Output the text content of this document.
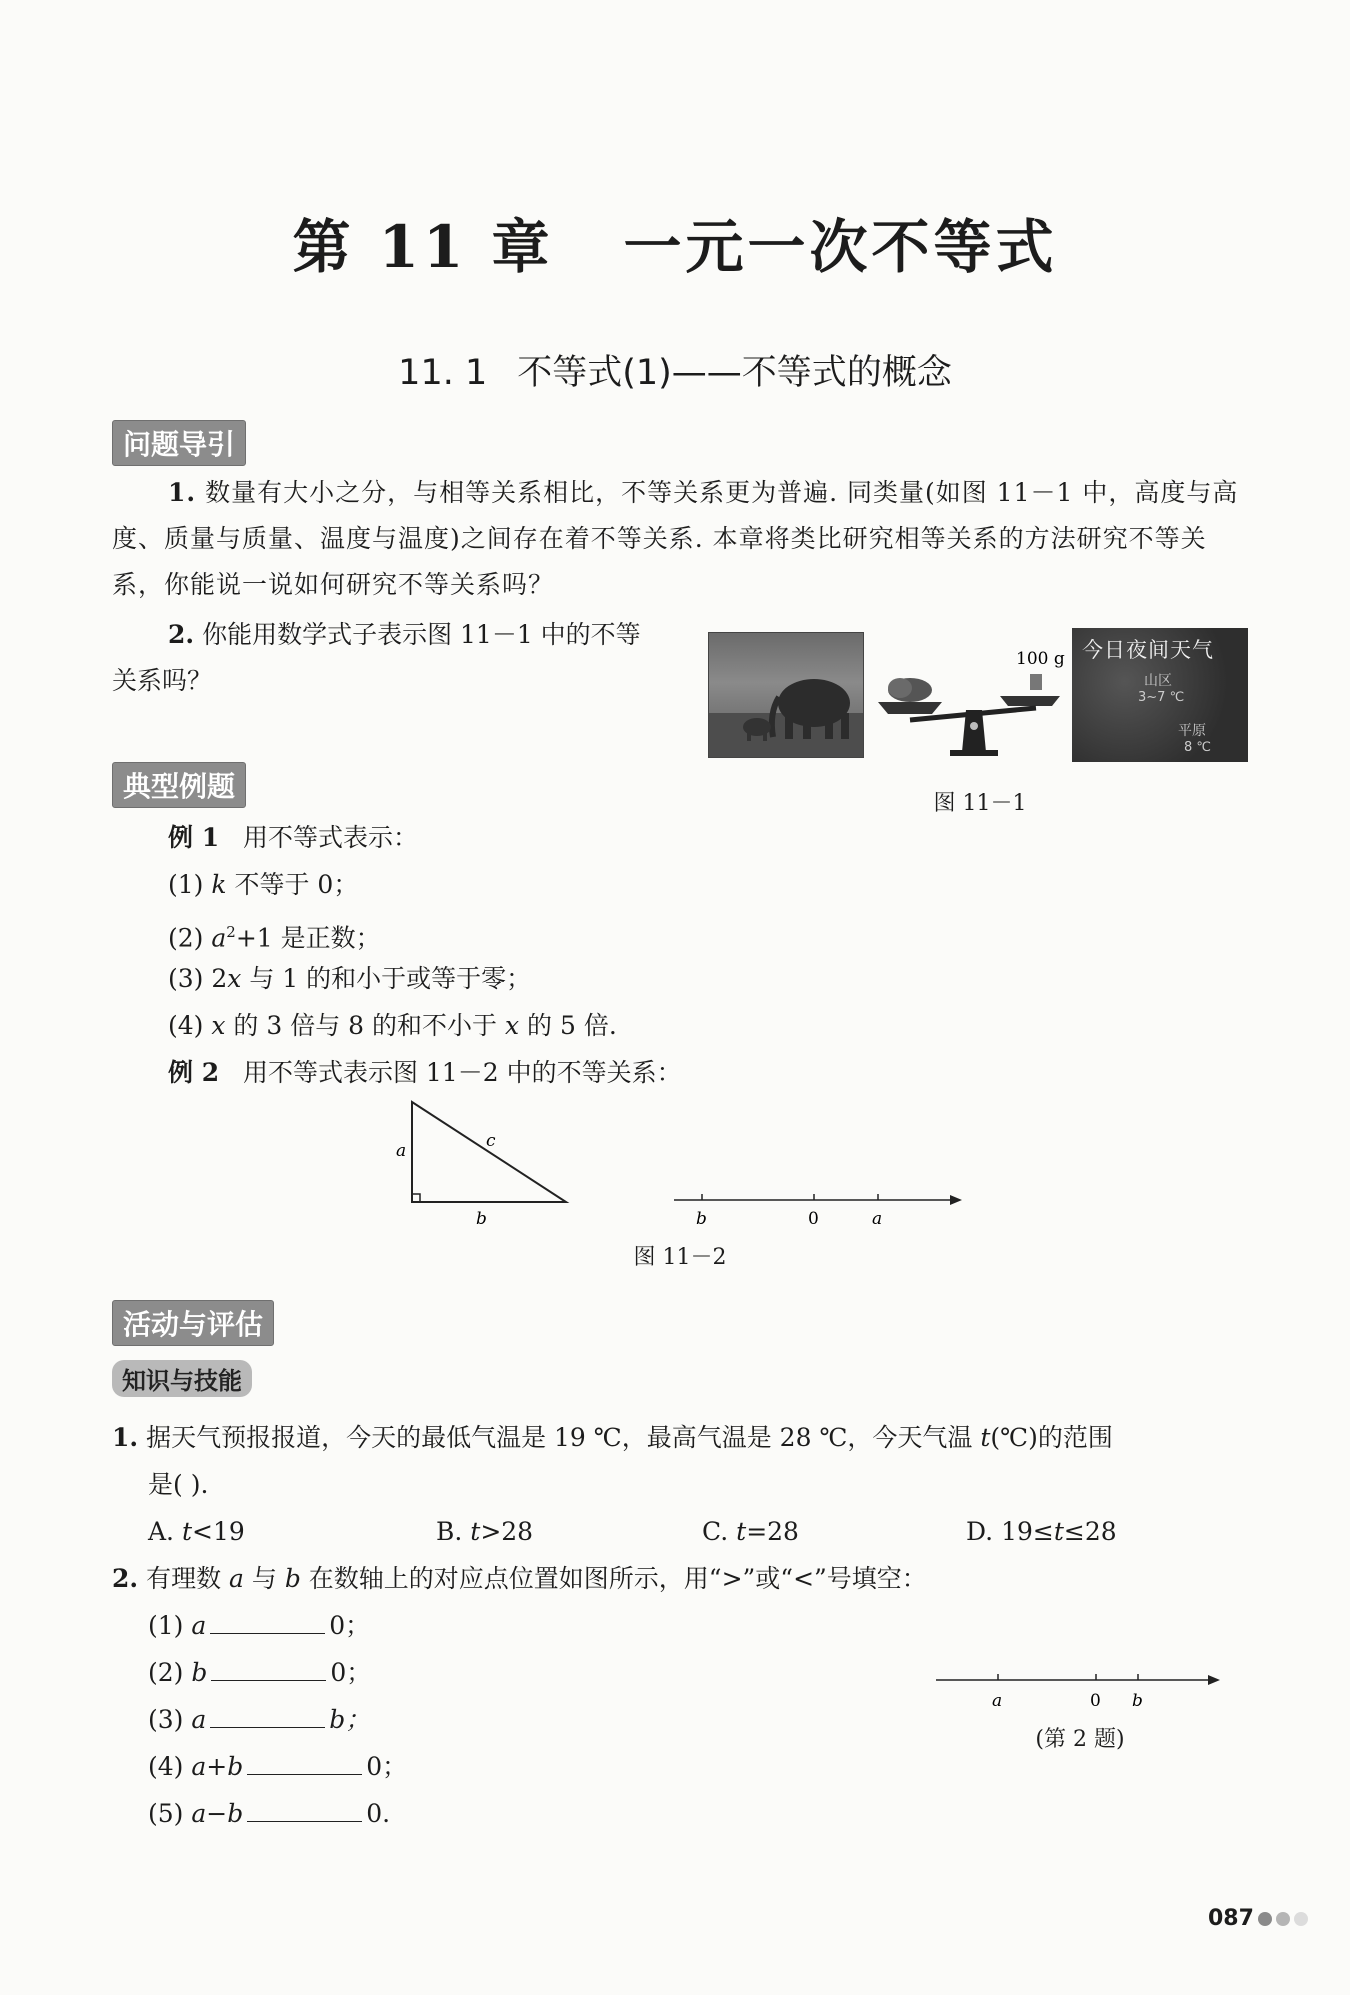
第 11 章 一元一次不等式
11. 1 不等式(1)——不等式的概念
问题导引
1. 数量有大小之分，与相等关系相比，不等关系更为普遍. 同类量(如图 11－1 中，高度与高度、质量与质量、温度与温度)之间存在着不等关系. 本章将类比研究相等关系的方法研究不等关系，你能说一说如何研究不等关系吗？
2. 你能用数学式子表示图 11－1 中的不等
关系吗？
100 g 今日夜间天气
山区
3~7 ℃
平原
8 ℃
图 11－1
典型例题
例 1 用不等式表示：
(1) k 不等于 0；
(2) $a^2+1$ 是正数；
(3) 2x 与 1 的和小于或等于零；
(4) x 的 3 倍与 8 的和不小于 x 的 5 倍.
例 2 用不等式表示图 11－2 中的不等关系：
a	c
b	b	0	a
图 11－2
活动与评估
知识与技能
1. 据天气预报报道，今天的最低气温是 19 ℃，最高气温是 28 ℃，今天气温 t(℃)的范围
是( ).
A. t<19	B. t>28	C. t=28	D. 19≤t≤28
2. 有理数 a 与 b 在数轴上的对应点位置如图所示，用“>”或“<”号填空：
(1) a	0；
(2) b	0；
(3) a	b；
(4) a+b	0；
(5) a−b	0.
a	0 b
(第 2 题)
087
